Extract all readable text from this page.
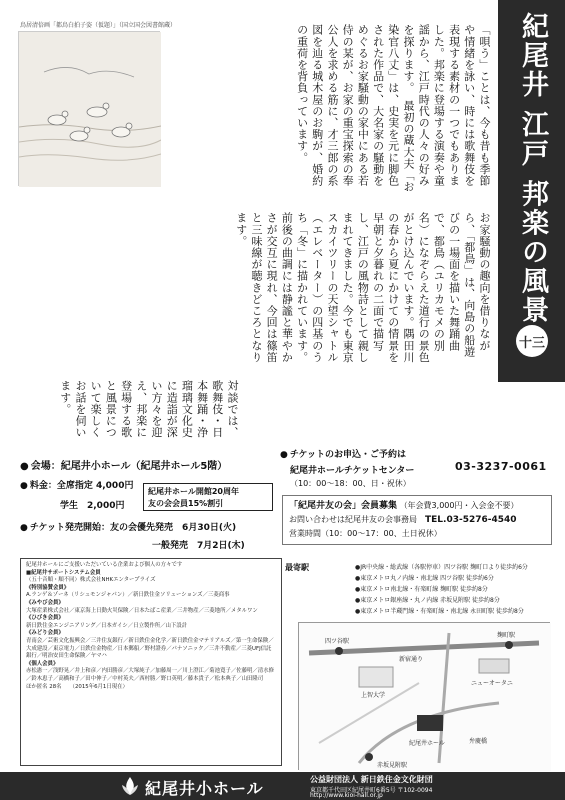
紀尾井 江戸 邦楽の風景
十三
鳥居清倍画「都鳥白拍子姿（仮題）」（国立国会図書館蔵）	「唄う」ことは、今も昔も季節や情緒を詠い、時には歌舞伎を表現する素材の一つでもありました。邦楽に登場する演奏や童謡から、江戸時代の人々の好みを探ります。　最初の蔵大夫「お染官八丈」は、史実を元に脚色された作品で、大名家の騒動をめぐるお家騒動の家中にある若侍の某が、お家の重宝探索の奉公人を求める筋に、才三郎の系図を辿る城木屋のお駒が、婚約の重荷を背負っています。
お家騒動の趣向を借りながら、「都鳥」は、向島の船遊びの一場面を描いた舞踊曲で、都鳥（ユリカモメの別名）になぞらえた道行の景色がとけ込んでいます。隅田川の春から夏にかけての情景を早朝と夕暮れの二面で描写し、江戸の風物詩として親しまれてきました。今でも東京スカイツリーの天望シャトル（エレベーター）の四基のうち「冬」に描かれています。前後の曲調には静謐と華やかさが交互に現れ、今回は篠笛と三味線が聴きどころとなります。
対談では、歌舞伎・日本舞踊・浄瑠璃文化史に造詣が深い方々を迎え、邦楽に登場する歌と風景について楽しくお話を伺います。
● 会場：紀尾井小ホール（紀尾井ホール5階）
● 料金：全席指定 4,000円
学生　2,000円
紀尾井ホール開館20周年
友の会会員15%割引
● チケット発売開始：友の会優先発売　6月30日(火)
一般発売　7月2日(木)
● チケットのお申込・ご予約は
紀尾井ホールチケットセンター	03-3237-0061
（10：00〜18：00、日・祝休）
「紀尾井友の会」会員募集 （年会費3,000円・入会金不要）
お問い合わせは紀尾井友の会事務局　 TEL.03-5276-4540
営業時間（10：00〜17：00、土日祝休）

紀尾井ホールにご支援いただいている企業および個人の方々です

■紀尾井サポートシステム会員

（五十音順・順不同）株式会社NHKエンタープライズ

《特別協賛会員》

A.ランゲ＆ゾーネ（リシュモンジャパン）／新日鉄住金ソリューションズ／三菱商事

《みやび会員》

大塚産業株式会社／東京海上日動火災保険／日本たばこ産業／三井物産／三菱地所／メタルワン

《ひびき会員》

新日鉄住金エンジニアリング／日本ガイシ／日立製作所／山下設計

《みどり会員》

青南会／芸術文化振興会／三井住友銀行／新日鉄住金化学／新日鉄住金マテリアルズ／第一生命保険／大成建設／東京電力／日鉄住金物産／日本郵船／野村證券／パナソニック／三井不動産／三菱UFJ信託銀行／明治安田生命保険／ヤマハ

《個人会員》

赤松憲一／浅野晃／井上和彦／内田勝彦／大塚純子／加藤周一／川上澄江／菊池寛子／佐藤明／清水修／鈴木恵子／高橋和子／田中伸子／中村英夫／西村勝／野口英明／藤本貴子／松本典子／山田隆司

ほか匿名 28名　　（2015年6月1日現在）

最寄駅	●JR中央線・総武線（各駅停車）四ツ谷駅 麹町口より徒歩約6分
●東京メトロ丸ノ内線・南北線 四ツ谷駅 徒歩約6分
●東京メトロ南北線・有楽町線 麹町駅 徒歩約8分
●東京メトロ銀座線・丸ノ内線 赤坂見附駅 徒歩約8分
●東京メトロ半蔵門線・有楽町線・南北線 永田町駅 徒歩約8分
紀尾井ホール
四ツ谷駅
麹町駅
赤坂見附駅
新宿通り
ニューオータニ
上智大学
弁慶橋
紀尾井小ホール	公益財団法人 新日鉄住金文化財団
東京都千代田区紀尾井町6番5号 〒102-0094
http://www.kioi-hall.or.jp
